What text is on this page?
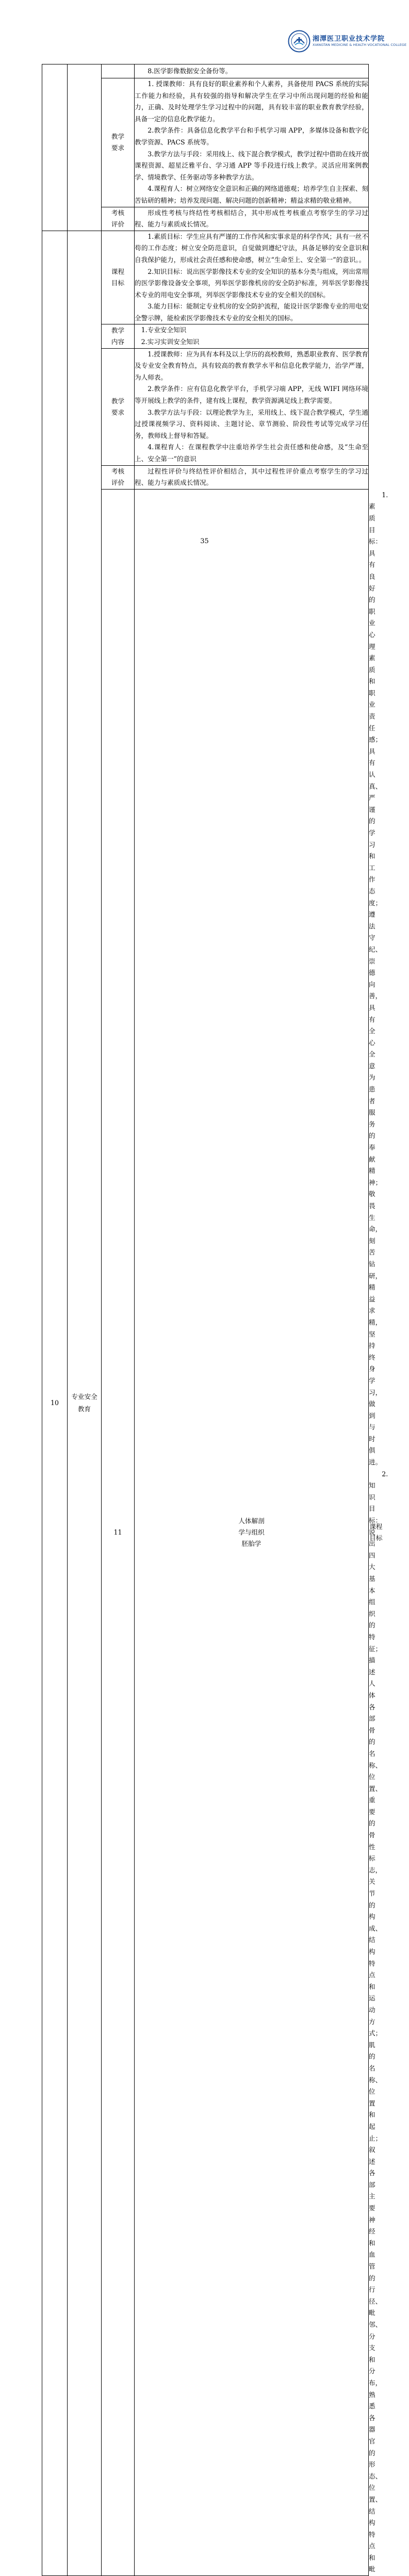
湘潭医卫职业技术学院
XIANGTAN MEDICINE & HEALTH VOCATIONAL COLLEGE

			8.医学影像数据安全备份等。	

		教学要求	1. 授课教师：具有良好的职业素养和个人素养，具备使用 PACS 系统的实际工作能力和经验，具有较强的指导和解决学生在学习中所出现问题的经验和能力，正确、及时处理学生学习过程中的问题，具有较丰富的职业教育教学经验，具备一定的信息化教学能力。
2.教学条件：具备信息化教学平台和手机学习端 APP，多媒体设备和数字化教学资源、PACS 系统等。
3.教学方法与手段：采用线上、线下混合教学模式，教学过程中借助在线开放课程资源、超星泛雅平台、学习通 APP 等手段进行线上教学。灵活应用案例教学、情境教学、任务驱动等多种教学方法。
4.课程育人：树立网络安全意识和正确的网络道德观；培养学生自主探索、刻苦钻研的精神；培养发现问题、解决问题的创新精神；精益求精的敬业精神。	

		考核评价	形成性考核与终结性考核相结合，其中形成性考核重点考察学生的学习过程、能力与素质成长情况。	

10	专业安全教育	课程目标	1.素质目标：学生应具有严谨的工作作风和实事求是的科学作风；具有一丝不苟的工作态度；树立安全防范意识，自觉做到遵纪守法，具备足够的安全意识和自我保护能力，形成社会责任感和使命感，树立“生命至上、安全第一”的意识。。
2.知识目标：说出医学影像技术专业的安全知识的基本分类与组成，列出常用的医学影像设备安全事项，列举医学影像机房的安全防护标准，列举医学影像技术专业的用电安全事项，列举医学影像技术专业的安全相关的国标。
3.能力目标：能制定专业机房的安全防护流程，能设计医学影像专业的用电安全警示牌，能检索医学影像技术专业的安全相关的国标。	

		教学内容	1.专业安全知识
2.实习实训安全知识	

		教学要求	1.授课教师：应为具有本科及以上学历的高校教师，熟悉职业教育、医学教育及专业安全教育特点，具有较高的教育教学水平和信息化教学能力，治学严谨，为人师表。
2.教学条件：应有信息化教学平台，手机学习端 APP，无线 WIFI 网络环境等开展线上教学的条件，建有线上课程，教学资源满足线上教学需要。
3.教学方法与手段：以理论教学为主，采用线上、线下混合教学模式，学生通过授课视频学习、资料阅读、主题讨论、章节测验、阶段性考试等完成学习任务，教师线上督导和答疑。
4.课程育人：在课程教学中注重培养学生社会责任感和使命感，及“生命至上、安全第一”的意识	

		考核评价	过程性评价与终结性评价相结合，其中过程性评价重点考察学生的学习过程、能力与素质成长情况。	

		11	人体解剖学与组织胚胎学	课程目标	1.素质目标：具有良好的职业心理素质和职业责任感；具有认真、严谨的学习和工作态度；遵法守纪、崇德向善，具有全心全意为患者服务的奉献精神；敬畏生命，刻苦钻研，精益求精，坚持终身学习，做到与时俱进。
2.知识目标：说出四大基本组织的特征；描述人体各部骨的名称、位置、重要的骨性标志，关节的构成、结构特点和运动方式；肌的名称、位置和起止；叙述各部主要神经和血管的行径、毗邻、分支和分布，熟悉各器官的形态、位置、结构特点和毗
35
